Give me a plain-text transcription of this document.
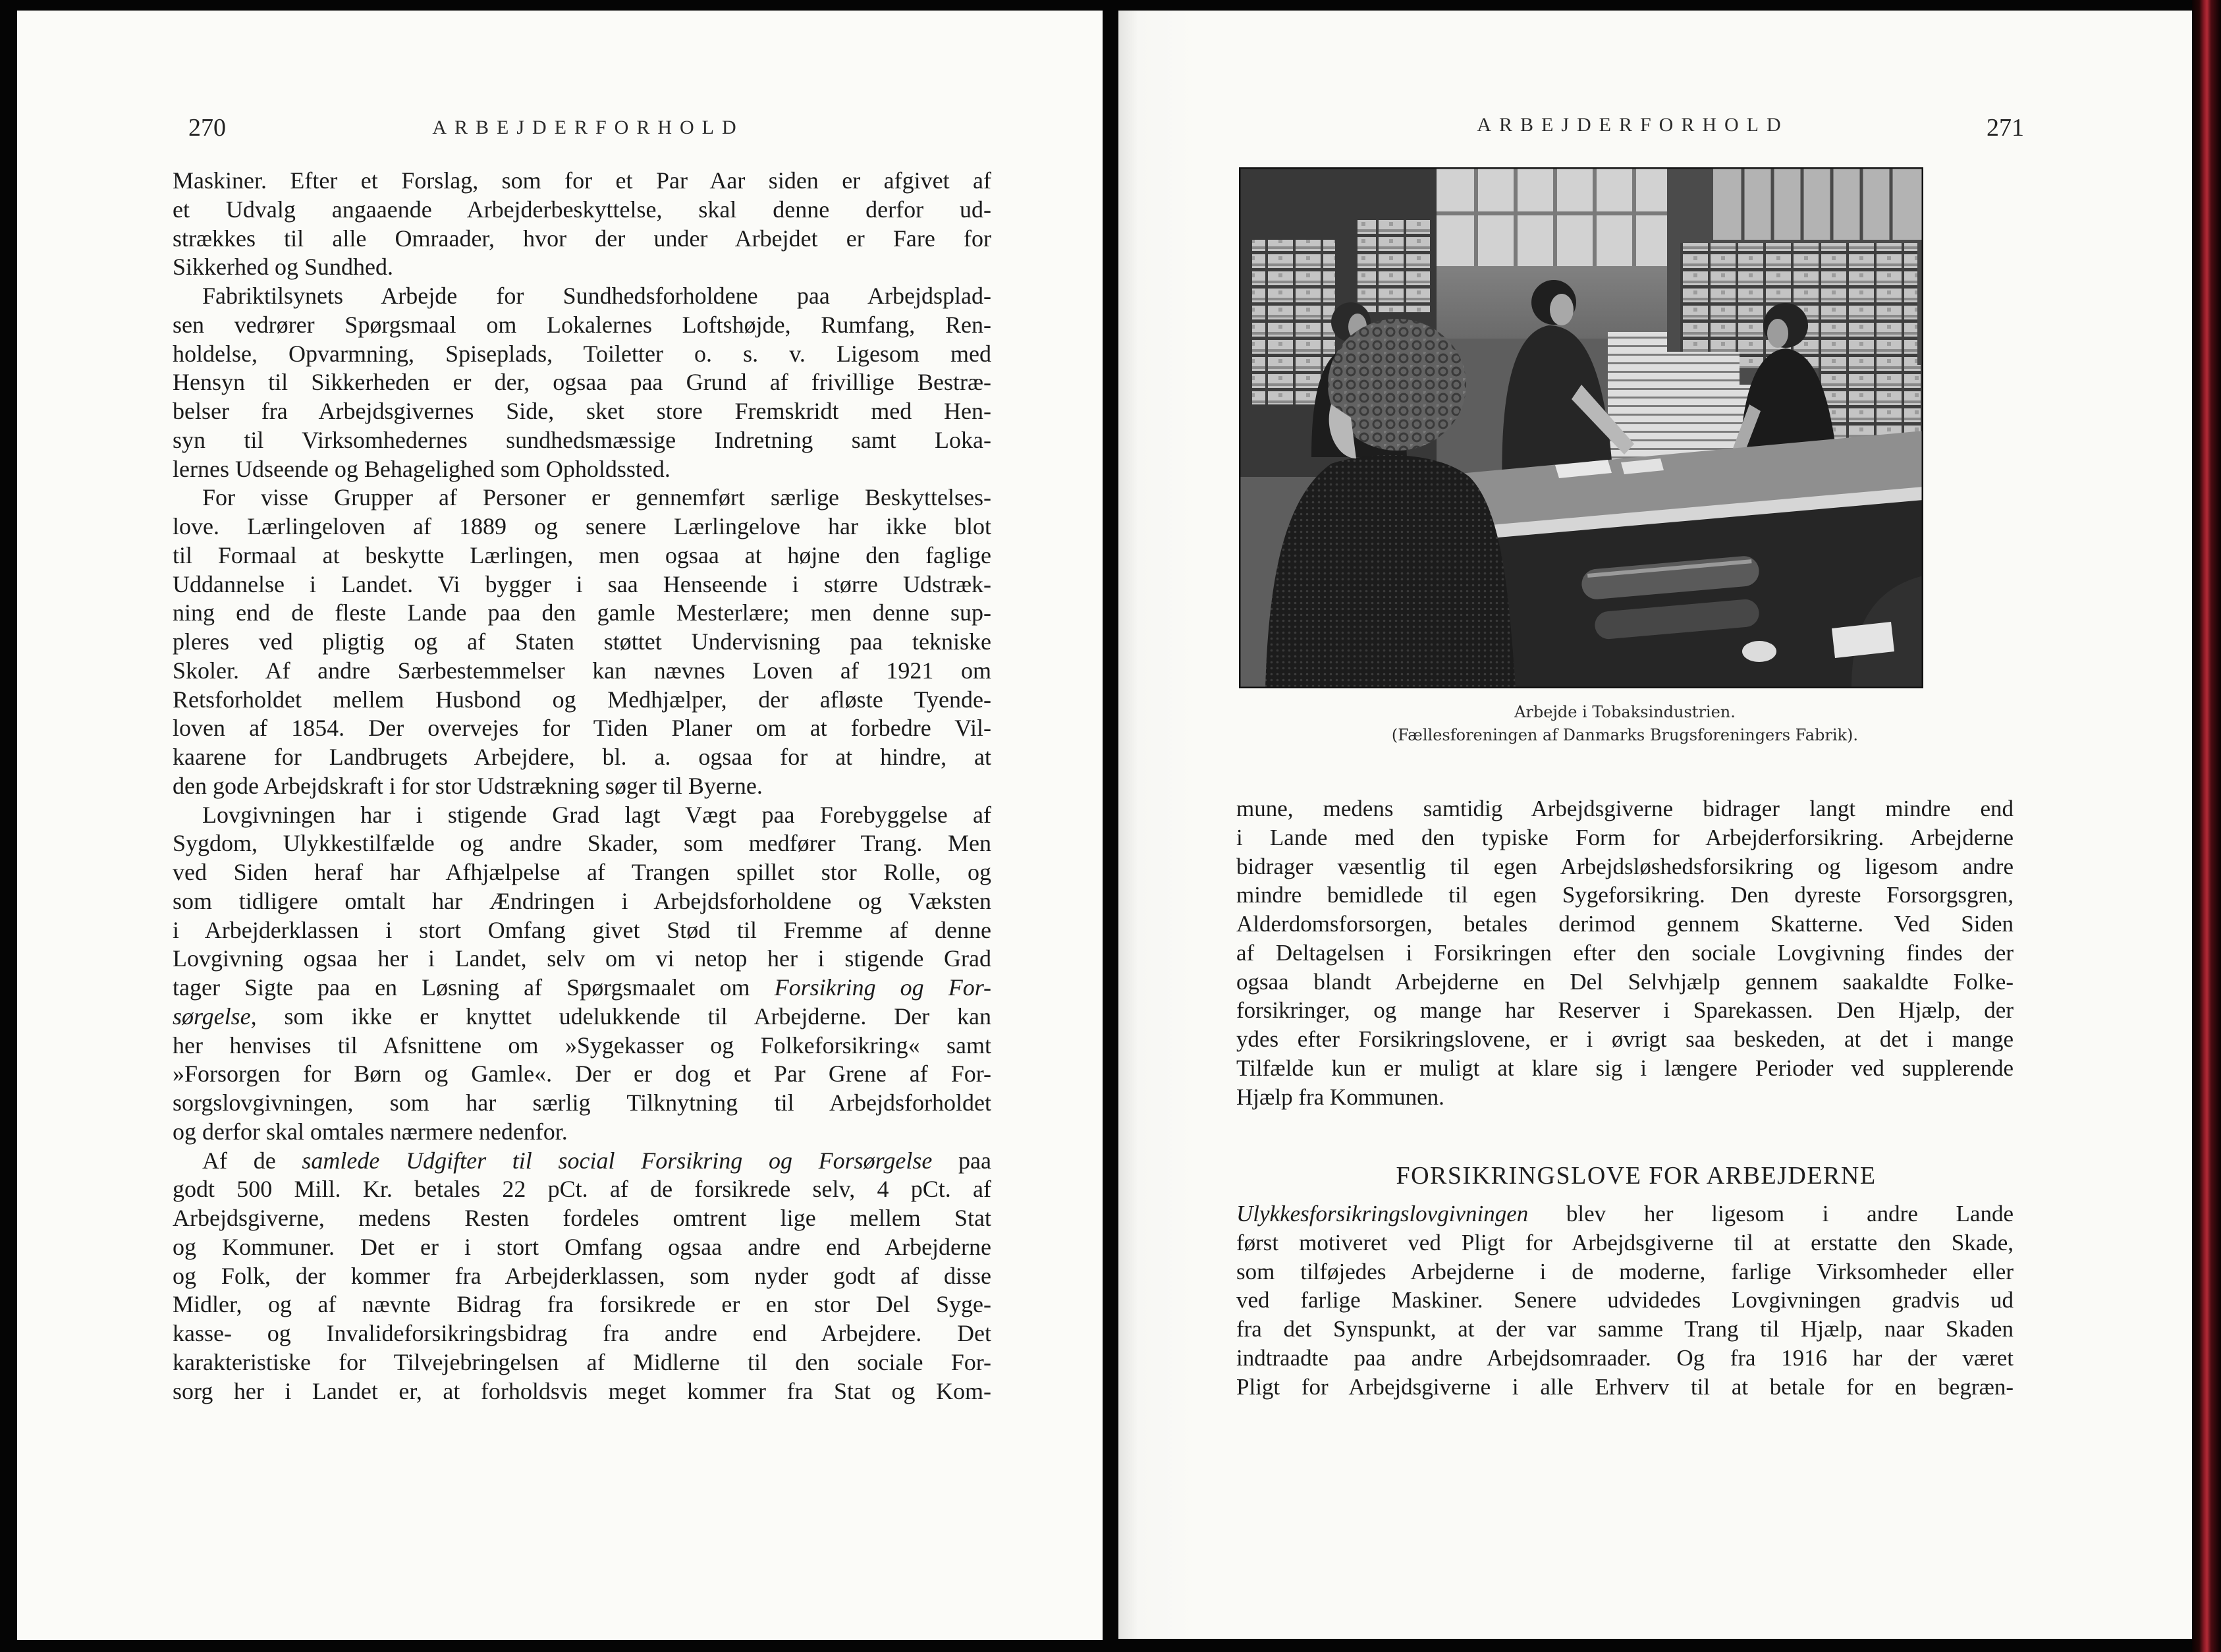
270	ARBEJDERFORHOLD
Maskiner. Efter et Forslag, som for et Par Aar siden er afgivet af
et Udvalg angaaende Arbejderbeskyttelse, skal denne derfor ud-
strækkes til alle Omraader, hvor der under Arbejdet er Fare for
Sikkerhed og Sundhed.
Fabriktilsynets Arbejde for Sundhedsforholdene paa Arbejdsplad-
sen vedrører Spørgsmaal om Lokalernes Loftshøjde, Rumfang, Ren-
holdelse, Opvarmning, Spiseplads, Toiletter o. s. v. Ligesom med
Hensyn til Sikkerheden er der, ogsaa paa Grund af frivillige Bestræ-
belser fra Arbejdsgivernes Side, sket store Fremskridt med Hen-
syn til Virksomhedernes sundhedsmæssige Indretning samt Loka-
lernes Udseende og Behagelighed som Opholdssted.
For visse Grupper af Personer er gennemført særlige Beskyttelses-
love. Lærlingeloven af 1889 og senere Lærlingelove har ikke blot
til Formaal at beskytte Lærlingen, men ogsaa at højne den faglige
Uddannelse i Landet. Vi bygger i saa Henseende i større Udstræk-
ning end de fleste Lande paa den gamle Mesterlære; men denne sup-
pleres ved pligtig og af Staten støttet Undervisning paa tekniske
Skoler. Af andre Særbestemmelser kan nævnes Loven af 1921 om
Retsforholdet mellem Husbond og Medhjælper, der afløste Tyende-
loven af 1854. Der overvejes for Tiden Planer om at forbedre Vil-
kaarene for Landbrugets Arbejdere, bl. a. ogsaa for at hindre, at
den gode Arbejdskraft i for stor Udstrækning søger til Byerne.
Lovgivningen har i stigende Grad lagt Vægt paa Forebyggelse af
Sygdom, Ulykkestilfælde og andre Skader, som medfører Trang. Men
ved Siden heraf har Afhjælpelse af Trangen spillet stor Rolle, og
som tidligere omtalt har Ændringen i Arbejdsforholdene og Væksten
i Arbejderklassen i stort Omfang givet Stød til Fremme af denne
Lovgivning ogsaa her i Landet, selv om vi netop her i stigende Grad
tager Sigte paa en Løsning af Spørgsmaalet om Forsikring og For-
sørgelse, som ikke er knyttet udelukkende til Arbejderne. Der kan
her henvises til Afsnittene om »Sygekasser og Folkeforsikring« samt
»Forsorgen for Børn og Gamle«. Der er dog et Par Grene af For-
sorgslovgivningen, som har særlig Tilknytning til Arbejdsforholdet
og derfor skal omtales nærmere nedenfor.
Af de samlede Udgifter til social Forsikring og Forsørgelse paa
godt 500 Mill. Kr. betales 22 pCt. af de forsikrede selv, 4 pCt. af
Arbejdsgiverne, medens Resten fordeles omtrent lige mellem Stat
og Kommuner. Det er i stort Omfang ogsaa andre end Arbejderne
og Folk, der kommer fra Arbejderklassen, som nyder godt af disse
Midler, og af nævnte Bidrag fra forsikrede er en stor Del Syge-
kasse- og Invalideforsikringsbidrag fra andre end Arbejdere. Det
karakteristiske for Tilvejebringelsen af Midlerne til den sociale For-
sorg her i Landet er, at forholdsvis meget kommer fra Stat og Kom-
ARBEJDERFORHOLD	271
Arbejde i Tobaksindustrien.
(Fællesforeningen af Danmarks Brugsforeningers Fabrik).
mune, medens samtidig Arbejdsgiverne bidrager langt mindre end
i Lande med den typiske Form for Arbejderforsikring. Arbejderne
bidrager væsentlig til egen Arbejdsløshedsforsikring og ligesom andre
mindre bemidlede til egen Sygeforsikring. Den dyreste Forsorgsgren,
Alderdomsforsorgen, betales derimod gennem Skatterne. Ved Siden
af Deltagelsen i Forsikringen efter den sociale Lovgivning findes der
ogsaa blandt Arbejderne en Del Selvhjælp gennem saakaldte Folke-
forsikringer, og mange har Reserver i Sparekassen. Den Hjælp, der
ydes efter Forsikringslovene, er i øvrigt saa beskeden, at det i mange
Tilfælde kun er muligt at klare sig i længere Perioder ved supplerende
Hjælp fra Kommunen.
FORSIKRINGSLOVE FOR ARBEJDERNE
Ulykkesforsikringslovgivningen blev her ligesom i andre Lande
først motiveret ved Pligt for Arbejdsgiverne til at erstatte den Skade,
som tilføjedes Arbejderne i de moderne, farlige Virksomheder eller
ved farlige Maskiner. Senere udvidedes Lovgivningen gradvis ud
fra det Synspunkt, at der var samme Trang til Hjælp, naar Skaden
indtraadte paa andre Arbejdsomraader. Og fra 1916 har der været
Pligt for Arbejdsgiverne i alle Erhverv til at betale for en begræn-
